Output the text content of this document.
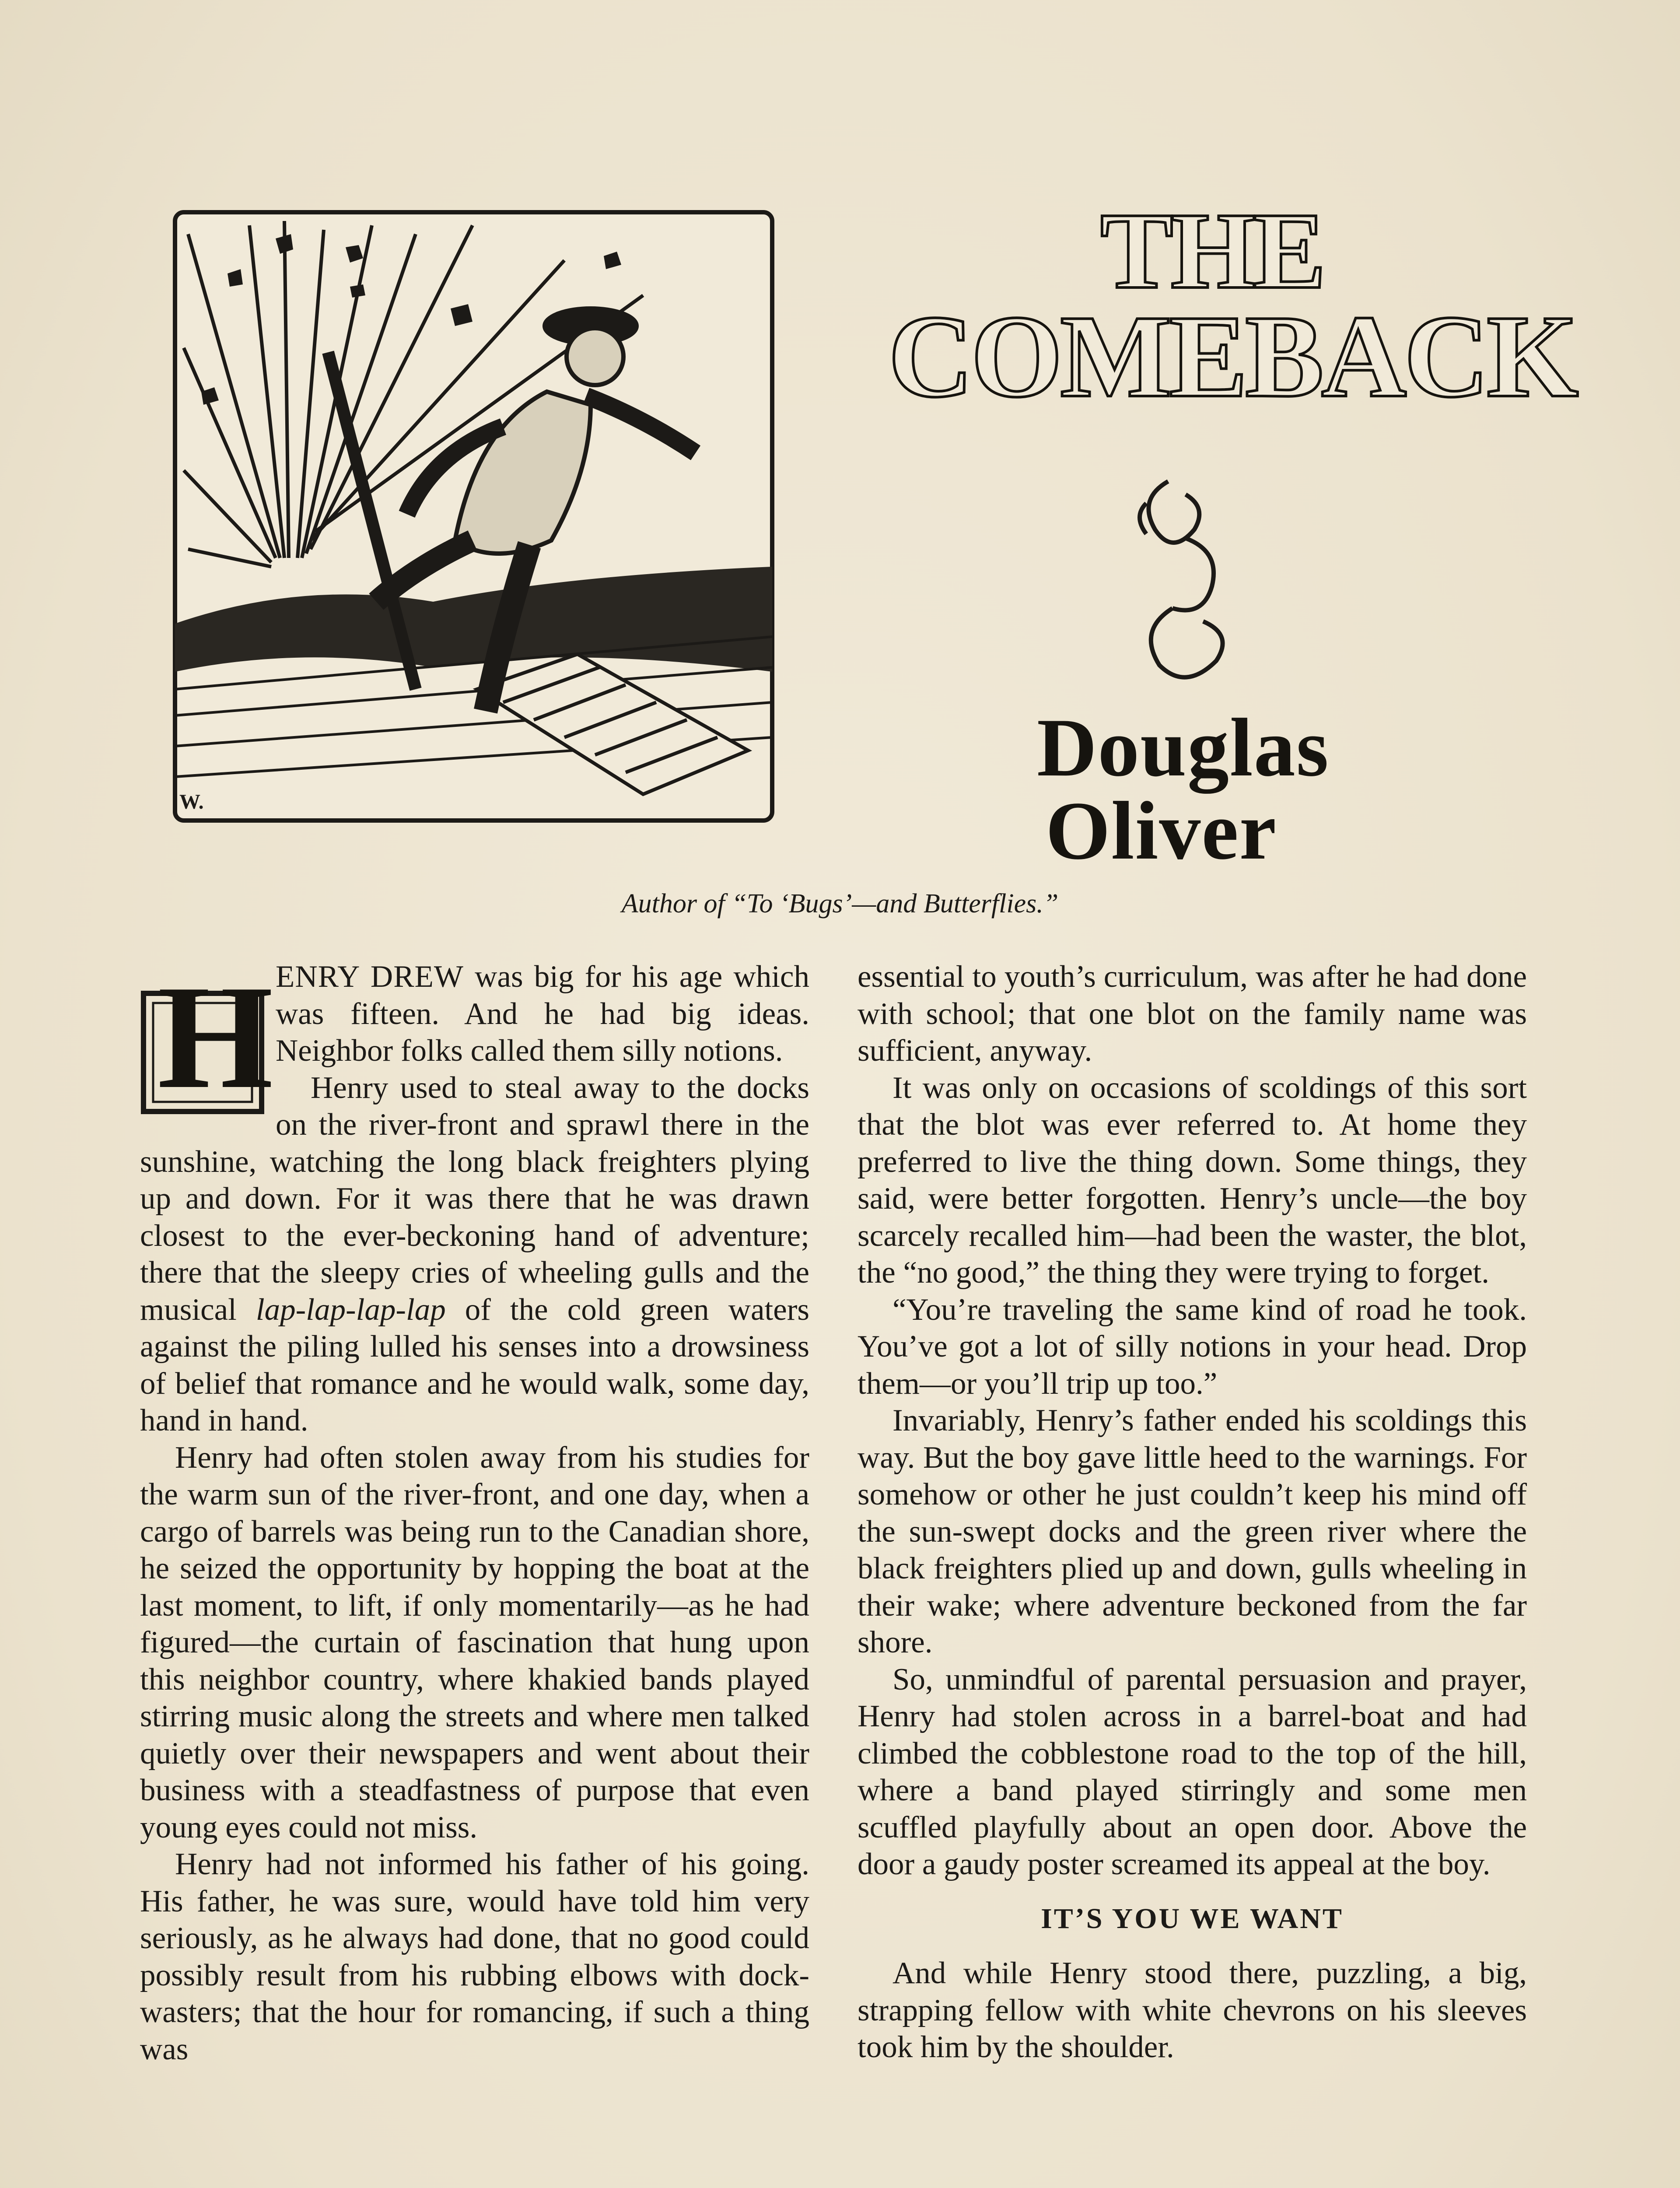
W.
THE
COMEBACK
Douglas
Oliver
Author of “To ‘Bugs’—and Butterflies.”

H ENRY DREW was big for his age which was fifteen. And he had big ideas. Neighbor folks called them silly notions.

Henry used to steal away to the docks on the river-front and sprawl there in the sunshine, watching the long black freighters plying up and down. For it was there that he was drawn closest to the ever-beckoning hand of adventure; there that the sleepy cries of wheeling gulls and the musical lap-lap-lap-lap of the cold green waters against the piling lulled his senses into a drowsiness of belief that romance and he would walk, some day, hand in hand.

Henry had often stolen away from his studies for the warm sun of the river-front, and one day, when a cargo of barrels was being run to the Canadian shore, he seized the opportunity by hopping the boat at the last moment, to lift, if only momentarily—as he had figured—the curtain of fascination that hung upon this neighbor country, where khakied bands played stirring music along the streets and where men talked quietly over their newspapers and went about their business with a steadfastness of purpose that even young eyes could not miss.

Henry had not informed his father of his going. His father, he was sure, would have told him very seriously, as he always had done, that no good could possibly result from his rubbing elbows with dock-wasters; that the hour for romancing, if such a thing was

essential to youth’s curriculum, was after he had done with school; that one blot on the family name was sufficient, anyway.

It was only on occasions of scoldings of this sort that the blot was ever referred to. At home they preferred to live the thing down. Some things, they said, were better forgotten. Henry’s uncle—the boy scarcely recalled him—had been the waster, the blot, the “no good,” the thing they were trying to forget.

“You’re traveling the same kind of road he took. You’ve got a lot of silly notions in your head. Drop them—or you’ll trip up too.”

Invariably, Henry’s father ended his scoldings this way. But the boy gave little heed to the warnings. For somehow or other he just couldn’t keep his mind off the sun-swept docks and the green river where the black freighters plied up and down, gulls wheeling in their wake; where adventure beckoned from the far shore.

So, unmindful of parental persuasion and prayer, Henry had stolen across in a barrel-boat and had climbed the cobblestone road to the top of the hill, where a band played stirringly and some men scuffled playfully about an open door. Above the door a gaudy poster screamed its appeal at the boy.

IT’S YOU WE WANT

And while Henry stood there, puzzling, a big, strapping fellow with white chevrons on his sleeves took him by the shoulder.
